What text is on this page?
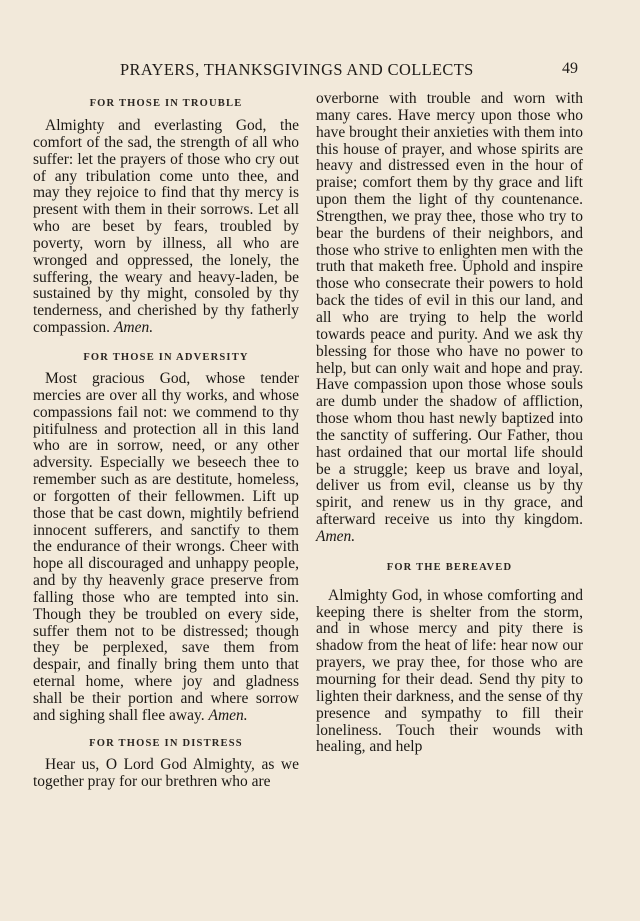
PRAYERS, THANKSGIVINGS AND COLLECTS	49
FOR THOSE IN TROUBLE

Almighty and everlasting God, the comfort of the sad, the strength of all who suffer: let the prayers of those who cry out of any tribulation come unto thee, and may they rejoice to find that thy mercy is present with them in their sorrows. Let all who are beset by fears, troubled by poverty, worn by illness, all who are wronged and oppressed, the lonely, the suffering, the weary and heavy-laden, be sustained by thy might, consoled by thy tenderness, and cherished by thy fatherly compassion. Amen.

FOR THOSE IN ADVERSITY

Most gracious God, whose tender mercies are over all thy works, and whose compassions fail not: we commend to thy pitifulness and protection all in this land who are in sorrow, need, or any other adversity. Especially we beseech thee to remember such as are destitute, homeless, or forgotten of their fellowmen. Lift up those that be cast down, mightily befriend innocent sufferers, and sanctify to them the endurance of their wrongs. Cheer with hope all discouraged and unhappy people, and by thy heavenly grace preserve from falling those who are tempted into sin. Though they be troubled on every side, suffer them not to be distressed; though they be perplexed, save them from despair, and finally bring them unto that eternal home, where joy and gladness shall be their portion and where sorrow and sighing shall flee away. Amen.

FOR THOSE IN DISTRESS

Hear us, O Lord God Almighty, as we together pray for our brethren who are

overborne with trouble and worn with many cares. Have mercy upon those who have brought their anxieties with them into this house of prayer, and whose spirits are heavy and distressed even in the hour of praise; comfort them by thy grace and lift upon them the light of thy countenance. Strengthen, we pray thee, those who try to bear the burdens of their neighbors, and those who strive to enlighten men with the truth that maketh free. Uphold and inspire those who consecrate their powers to hold back the tides of evil in this our land, and all who are trying to help the world towards peace and purity. And we ask thy blessing for those who have no power to help, but can only wait and hope and pray. Have compassion upon those whose souls are dumb under the shadow of affliction, those whom thou hast newly baptized into the sanctity of suffering. Our Father, thou hast ordained that our mortal life should be a struggle; keep us brave and loyal, deliver us from evil, cleanse us by thy spirit, and renew us in thy grace, and afterward receive us into thy kingdom. Amen.

FOR THE BEREAVED

Almighty God, in whose comforting and keeping there is shelter from the storm, and in whose mercy and pity there is shadow from the heat of life: hear now our prayers, we pray thee, for those who are mourning for their dead. Send thy pity to lighten their darkness, and the sense of thy presence and sympathy to fill their loneliness. Touch their wounds with healing, and help
